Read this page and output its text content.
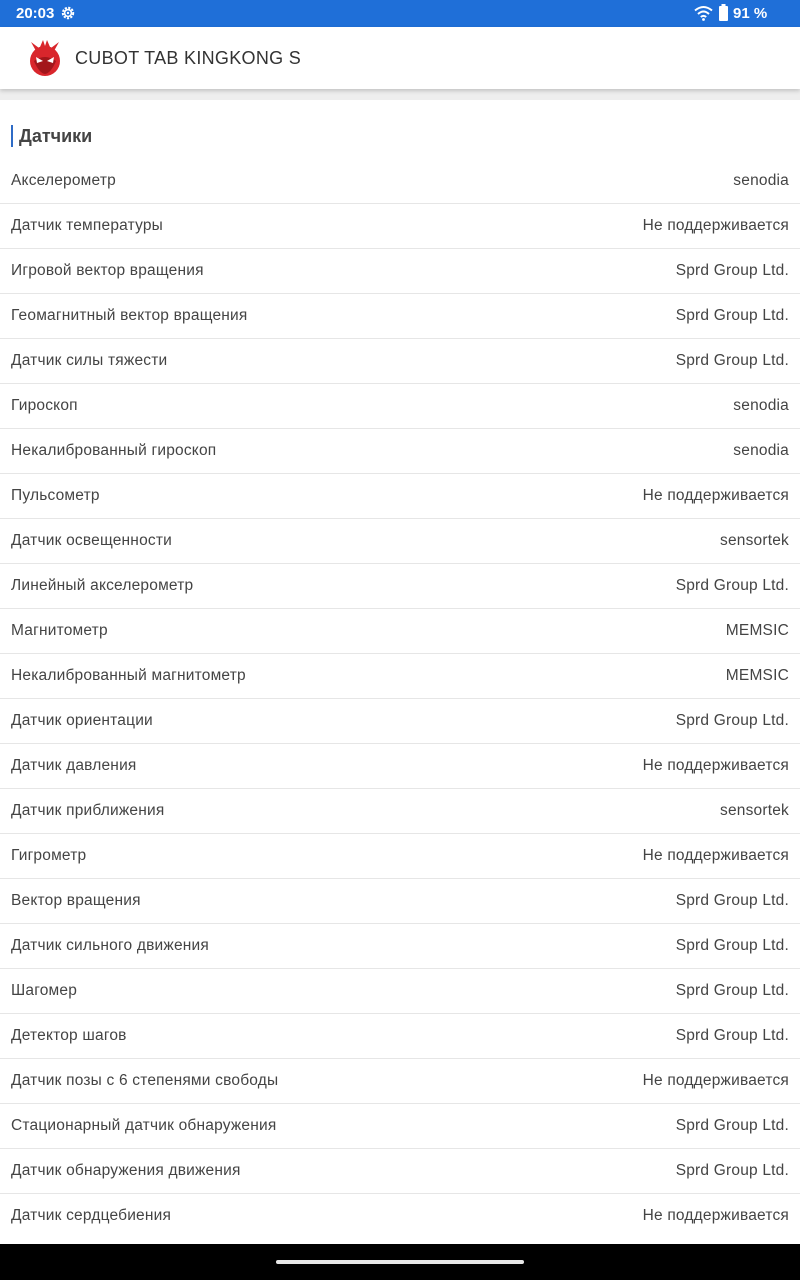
20:03	91 %
CUBOT TAB KINGKONG S
Датчики
Акселерометр	senodia
Датчик температуры	Не поддерживается
Игровой вектор вращения	Sprd Group Ltd.
Геомагнитный вектор вращения	Sprd Group Ltd.
Датчик силы тяжести	Sprd Group Ltd.
Гироскоп	senodia
Некалиброванный гироскоп	senodia
Пульсометр	Не поддерживается
Датчик освещенности	sensortek
Линейный акселерометр	Sprd Group Ltd.
Магнитометр	MEMSIC
Некалиброванный магнитометр	MEMSIC
Датчик ориентации	Sprd Group Ltd.
Датчик давления	Не поддерживается
Датчик приближения	sensortek
Гигрометр	Не поддерживается
Вектор вращения	Sprd Group Ltd.
Датчик сильного движения	Sprd Group Ltd.
Шагомер	Sprd Group Ltd.
Детектор шагов	Sprd Group Ltd.
Датчик позы с 6 степенями свободы	Не поддерживается
Стационарный датчик обнаружения	Sprd Group Ltd.
Датчик обнаружения движения	Sprd Group Ltd.
Датчик сердцебиения	Не поддерживается
